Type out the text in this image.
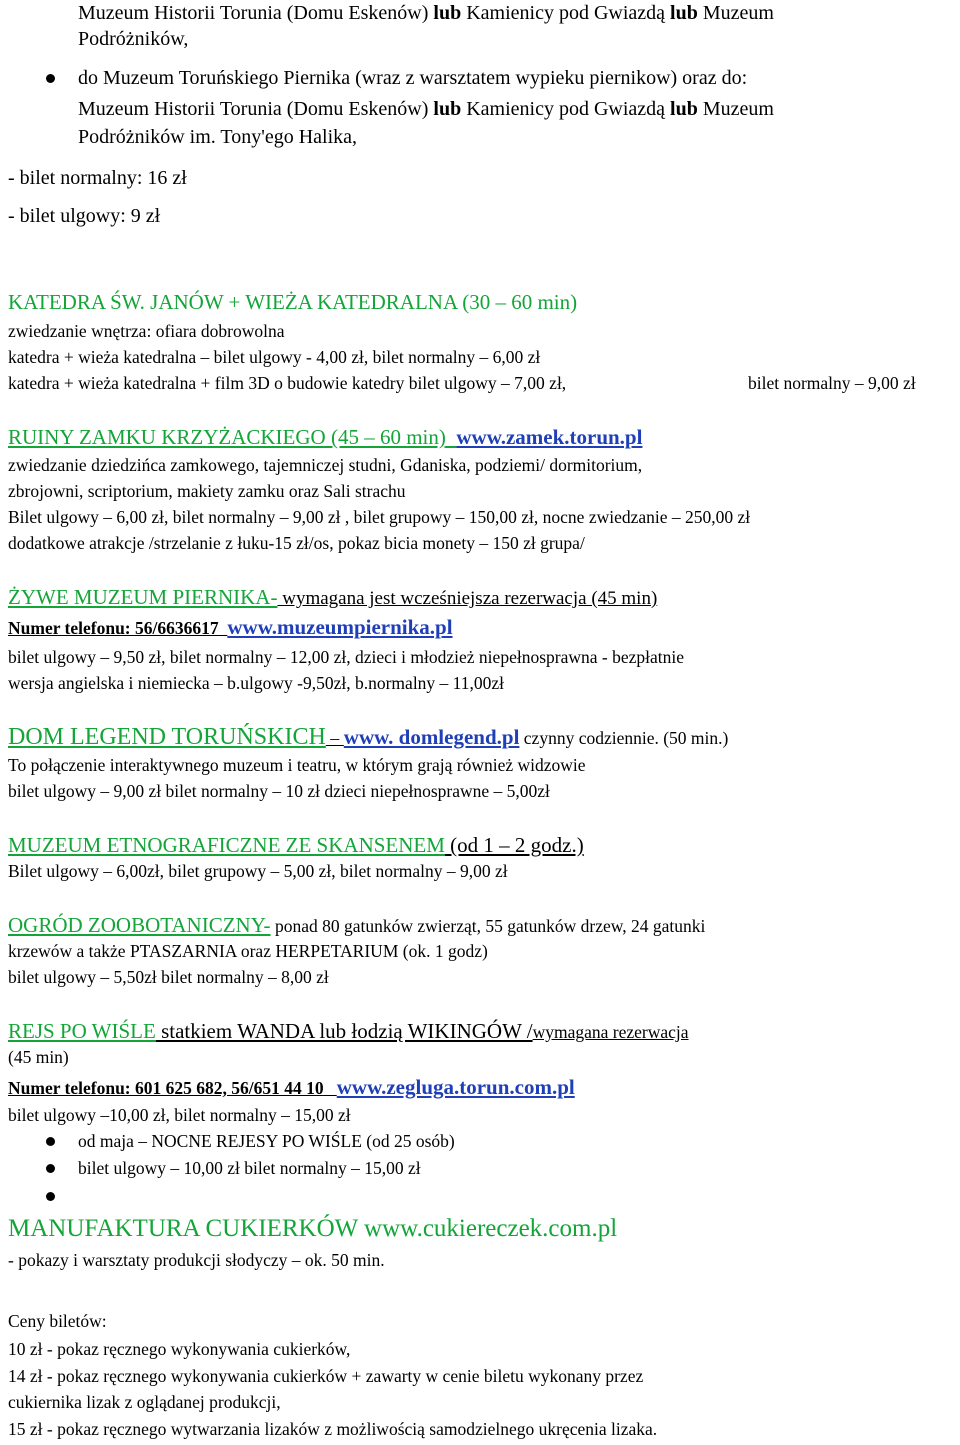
Muzeum Historii Torunia (Domu Eskenów) lub Kamienicy pod Gwiazdą lub Muzeum
Podróżników,
do Muzeum Toruńskiego Piernika (wraz z warsztatem wypieku piernikow) oraz do:
Muzeum Historii Torunia (Domu Eskenów) lub Kamienicy pod Gwiazdą lub Muzeum
Podróżników im. Tony'ego Halika,
- bilet normalny: 16 zł
- bilet ulgowy: 9 zł
KATEDRA ŚW. JANÓW + WIEŻA KATEDRALNA (30 – 60 min)
zwiedzanie wnętrza: ofiara dobrowolna
katedra + wieża katedralna – bilet ulgowy - 4,00 zł, bilet normalny – 6,00 zł
katedra + wieża katedralna + film 3D o budowie katedry bilet ulgowy – 7,00 zł,	bilet normalny – 9,00 zł
RUINY ZAMKU KRZYŻACKIEGO (45 – 60 min) www.zamek.torun.pl
zwiedzanie dziedzińca zamkowego, tajemniczej studni, Gdaniska, podziemi/ dormitorium,
zbrojowni, scriptorium, makiety zamku oraz Sali strachu
Bilet ulgowy – 6,00 zł, bilet normalny – 9,00 zł , bilet grupowy – 150,00 zł, nocne zwiedzanie – 250,00 zł
dodatkowe atrakcje /strzelanie z łuku-15 zł/os, pokaz bicia monety – 150 zł grupa/
ŻYWE MUZEUM PIERNIKA- wymagana jest wcześniejsza rezerwacja (45 min)
Numer telefonu: 56/6636617 www.muzeumpiernika.pl
bilet ulgowy – 9,50 zł, bilet normalny – 12,00 zł, dzieci i młodzież niepełnosprawna - bezpłatnie
wersja angielska i niemiecka – b.ulgowy -9,50zł, b.normalny – 11,00zł
DOM LEGEND TORUŃSKICH – www. domlegend.pl czynny codziennie. (50 min.)
To połączenie interaktywnego muzeum i teatru, w którym grają również widzowie
bilet ulgowy – 9,00 zł bilet normalny – 10 zł dzieci niepełnosprawne – 5,00zł
MUZEUM ETNOGRAFICZNE ZE SKANSENEM (od 1 – 2 godz.)
Bilet ulgowy – 6,00zł, bilet grupowy – 5,00 zł, bilet normalny – 9,00 zł
OGRÓD ZOOBOTANICZNY- ponad 80 gatunków zwierząt, 55 gatunków drzew, 24 gatunki
krzewów a także PTASZARNIA oraz HERPETARIUM (ok. 1 godz)
bilet ulgowy – 5,50zł bilet normalny – 8,00 zł
REJS PO WIŚLE statkiem WANDA lub łodzią WIKINGÓW /wymagana rezerwacja
(45 min)
Numer telefonu: 601 625 682, 56/651 44 10 www.zegluga.torun.com.pl
bilet ulgowy –10,00 zł, bilet normalny – 15,00 zł
od maja – NOCNE REJESY PO WIŚLE (od 25 osób)
bilet ulgowy – 10,00 zł bilet normalny – 15,00 zł
MANUFAKTURA CUKIERKÓW www.cukiereczek.com.pl
- pokazy i warsztaty produkcji słodyczy – ok. 50 min.
Ceny biletów:
10 zł - pokaz ręcznego wykonywania cukierków,
14 zł - pokaz ręcznego wykonywania cukierków + zawarty w cenie biletu wykonany przez
cukiernika lizak z oglądanej produkcji,
15 zł - pokaz ręcznego wytwarzania lizaków z możliwością samodzielnego ukręcenia lizaka.
